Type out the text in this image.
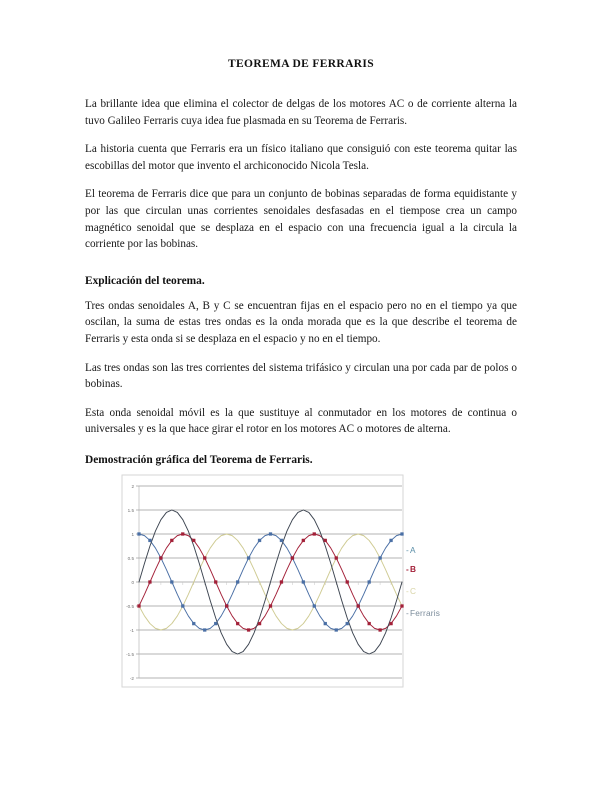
TEOREMA DE FERRARIS

La brillante idea que elimina el colector de delgas de los motores AC o de corriente alterna la tuvo Galileo Ferraris cuya idea fue plasmada en su Teorema de Ferraris.

La historia cuenta que Ferraris era un físico italiano que consiguió con este teorema quitar las escobillas del motor que invento el archiconocido Nicola Tesla.

El teorema de Ferraris dice que para un conjunto de bobinas separadas de forma equidistante y por las que circulan unas corrientes senoidales desfasadas en el tiempose crea un campo magnético senoidal que se desplaza en el espacio con una frecuencia igual a la circula la corriente por las bobinas.

Explicación del teorema.

Tres ondas senoidales A, B y C se encuentran fijas en el espacio pero no en el tiempo ya que oscilan, la suma de estas tres ondas es la onda morada que es la que describe el teorema de Ferraris y esta onda si se desplaza en el espacio y no en el tiempo.

Las tres ondas son las tres corrientes del sistema trifásico y circulan una por cada par de polos o bobinas.

Esta onda senoidal móvil es la que sustituye al conmutador en los motores de continua o universales y es la que hace girar el rotor en los motores AC o motores de alterna.

Demostración gráfica del Teorema de Ferraris.
2
1.5
1
0.5
0
-0.5
-1
-1.5
-2
-A
-B
-C
-Ferraris
